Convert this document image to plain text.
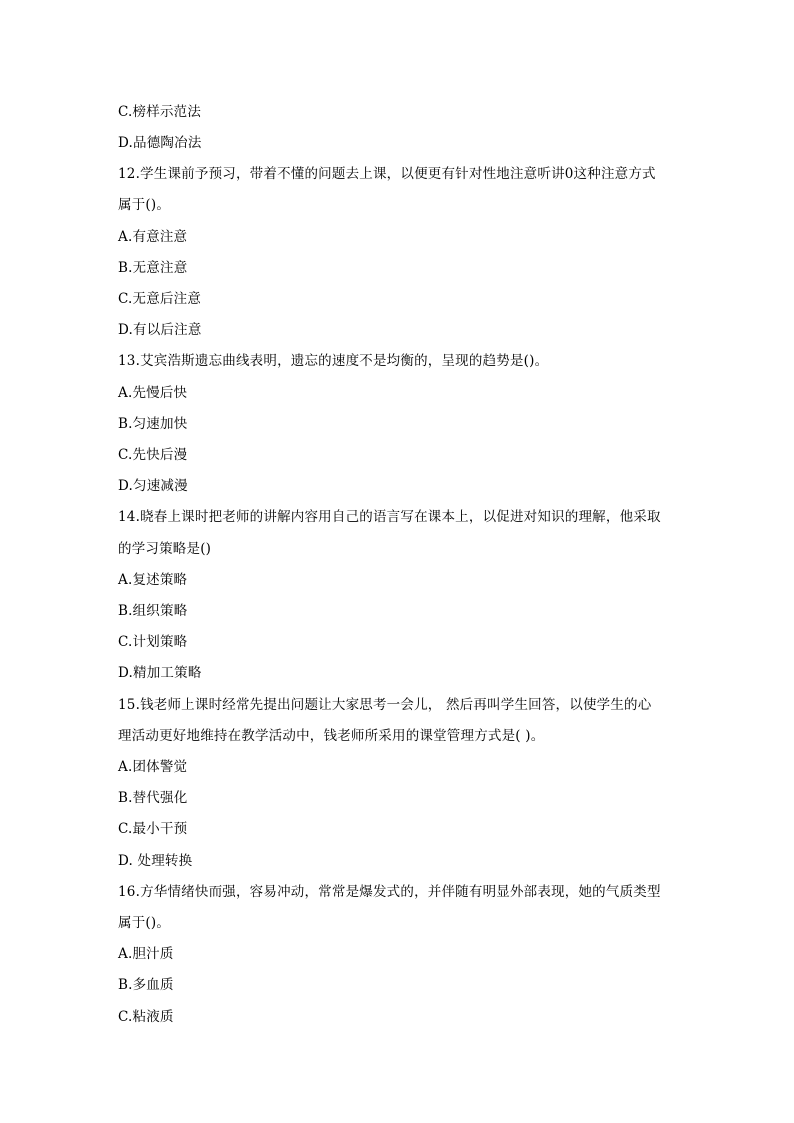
C.榜样示范法
D.品德陶冶法
12.学生课前予预习，带着不懂的问题去上课，以便更有针对性地注意听讲0这种注意方式
属于()。
A.有意注意
B.无意注意
C.无意后注意
D.有以后注意
13.艾宾浩斯遗忘曲线表明，遗忘的速度不是均衡的，呈现的趋势是()。
A.先慢后快
B.匀速加快
C.先快后漫
D.匀速减漫
14.晓春上课时把老师的讲解内容用自己的语言写在课本上，以促进对知识的理解，他采取
的学习策略是()
A.复述策略
B.组织策略
C.计划策略
D.精加工策略
15.钱老师上课时经常先提出问题让大家思考一会儿， 然后再叫学生回答，以使学生的心
理活动更好地维持在教学活动中，钱老师所采用的课堂管理方式是( )。
A.团体警觉
B.替代强化
C.最小干预
D. 处理转换
16.方华情绪快而强，容易冲动，常常是爆发式的，并伴随有明显外部表现，她的气质类型
属于()。
A.胆汁质
B.多血质
C.粘液质
